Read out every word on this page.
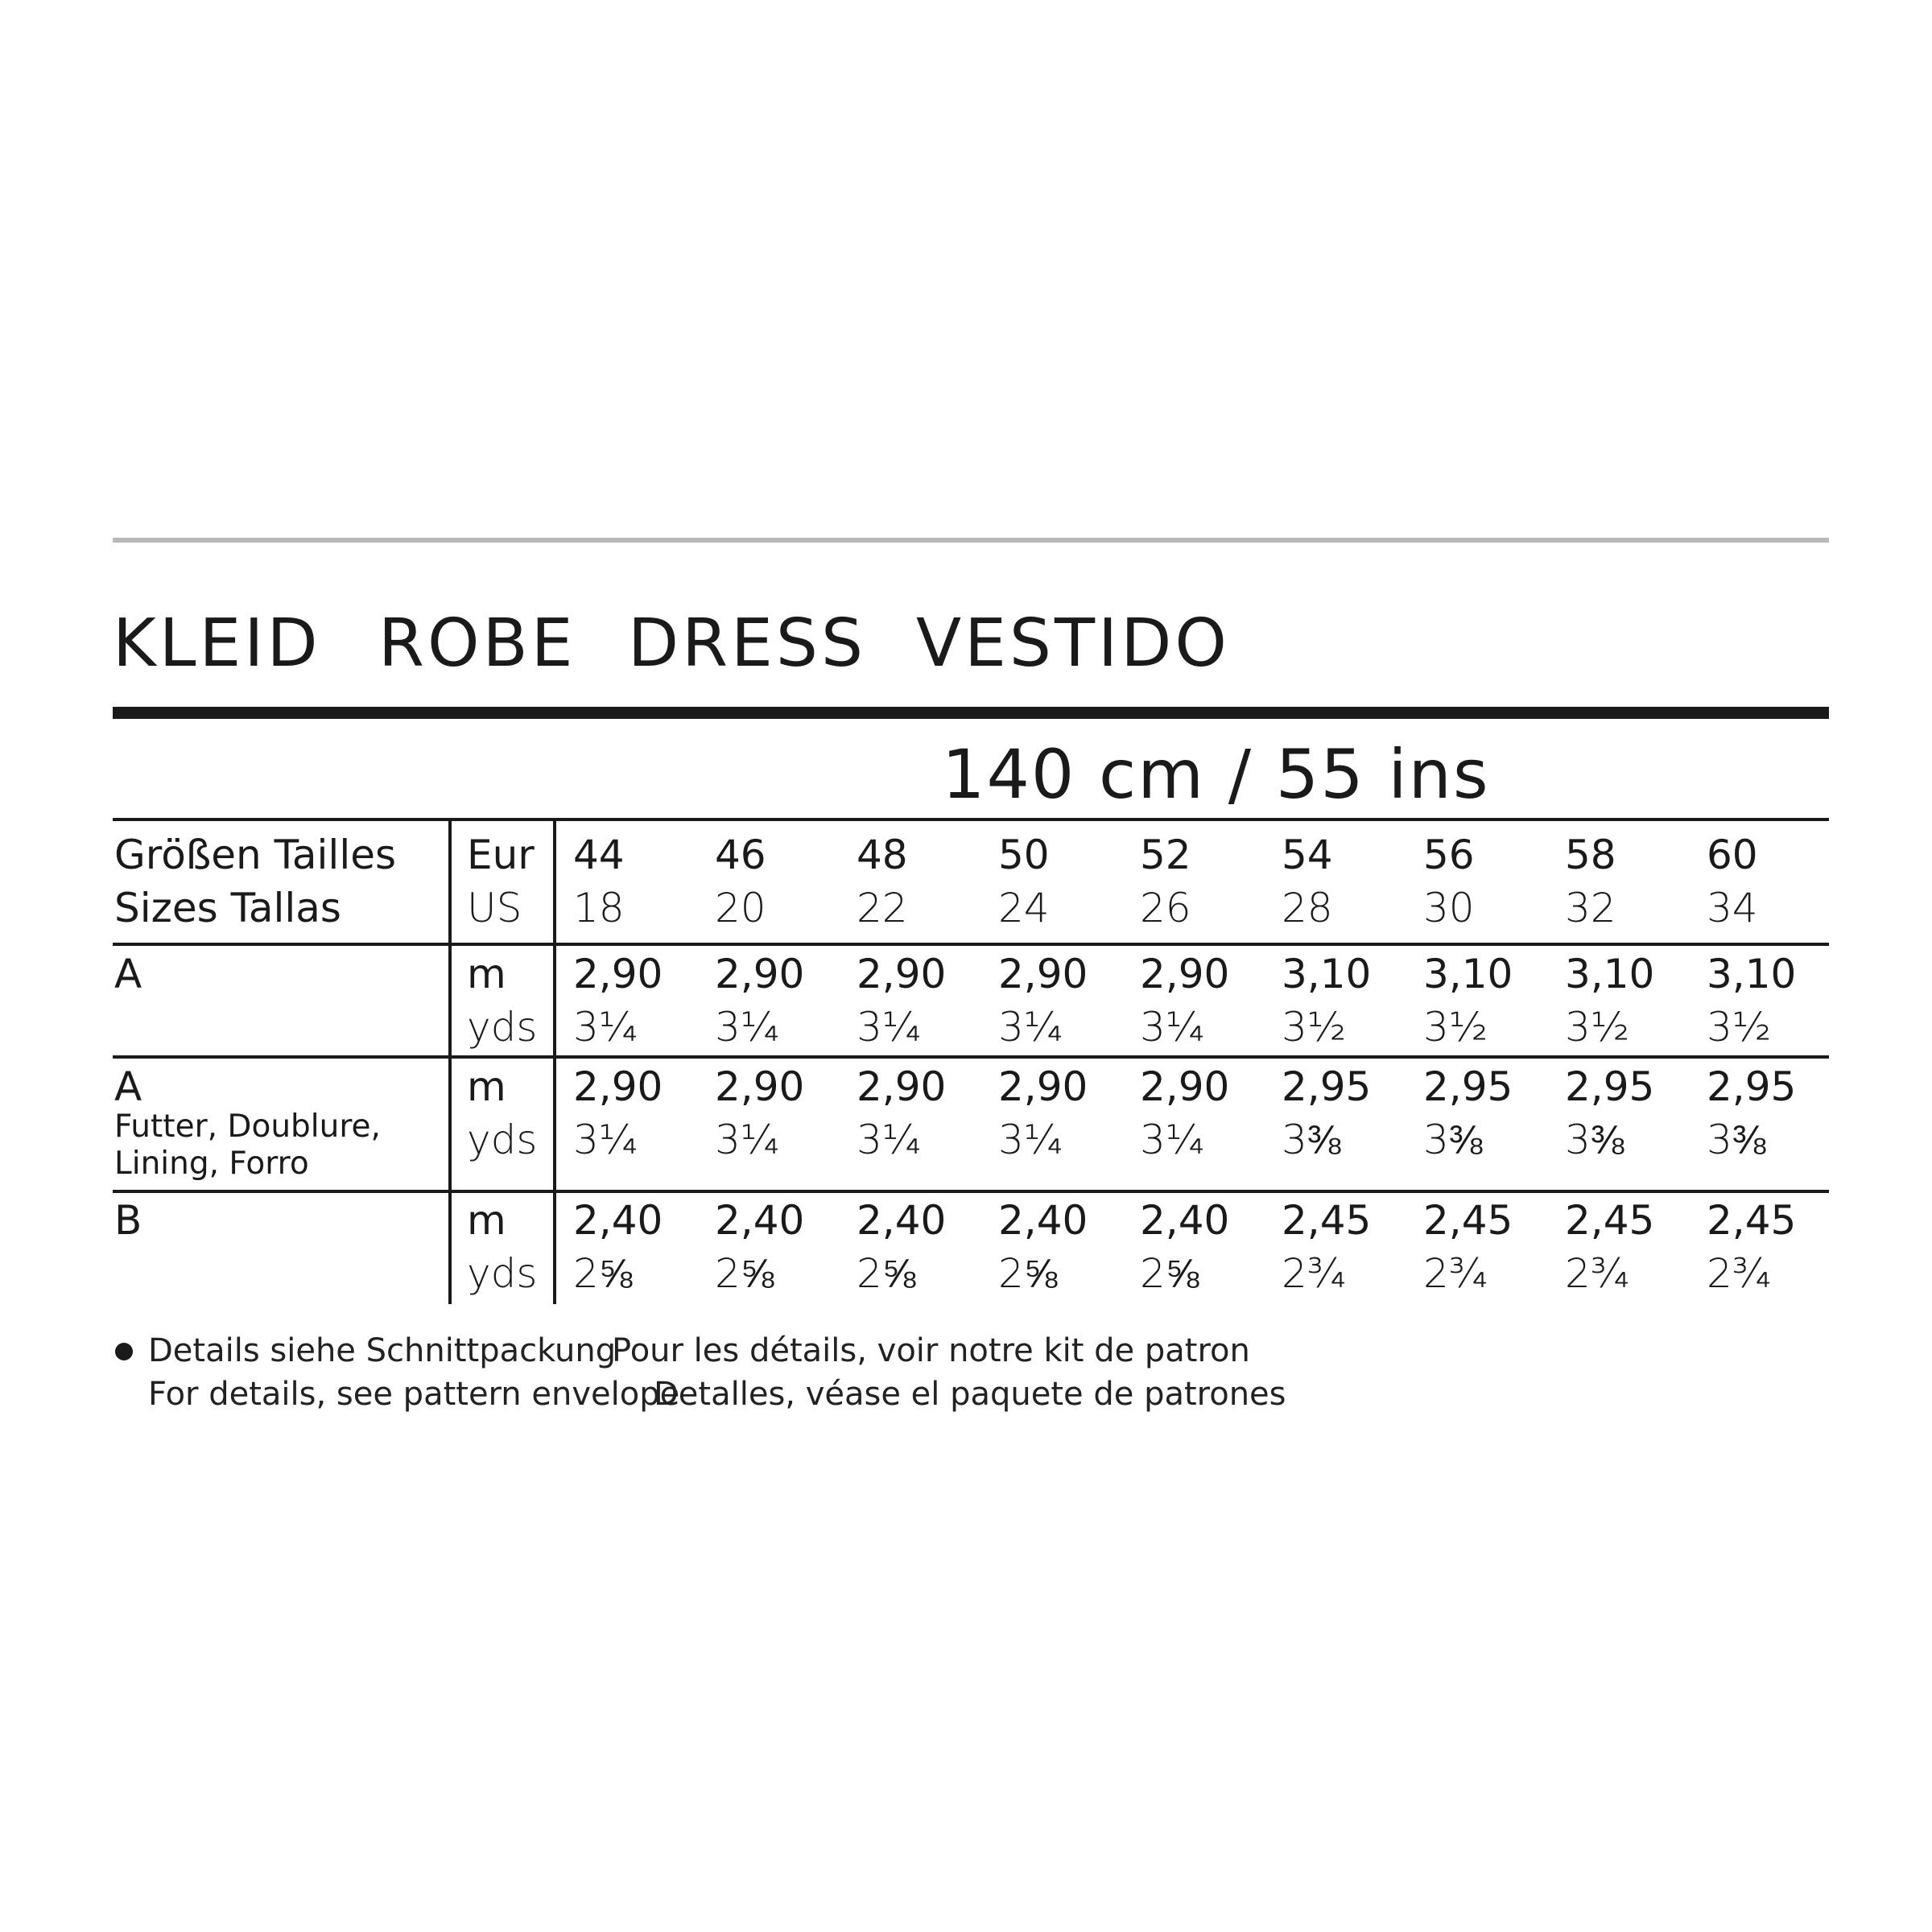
KLEID ROBE DRESS VESTIDO
140 cm / 55 ins
Größen Tailles
Sizes Tallas
Eur
US
44 46 48 50 52 54 56 58 60
18 20 22 24 26 28 30 32 34
A	m
yds
2,90 2,90 2,90 2,90 2,90 3,10 3,10 3,10 3,10
3¼ 3¼ 3¼ 3¼ 3¼ 3½ 3½ 3½ 3½
A
Futter, Doublure,
Lining, Forro
m
yds
2,90 2,90 2,90 2,90 2,90 2,95 2,95 2,95 2,95
3¼ 3¼ 3¼ 3¼ 3¼ 3⅜ 3⅜ 3⅜ 3⅜
B	m
yds
2,40 2,40 2,40 2,40 2,40 2,45 2,45 2,45 2,45
2⅝ 2⅝ 2⅝ 2⅝ 2⅝ 2¾ 2¾ 2¾ 2¾
Details siehe Schnittpackung
Pour les détails, voir notre kit de patron
For details, see pattern envelope
Detalles, véase el paquete de patrones
